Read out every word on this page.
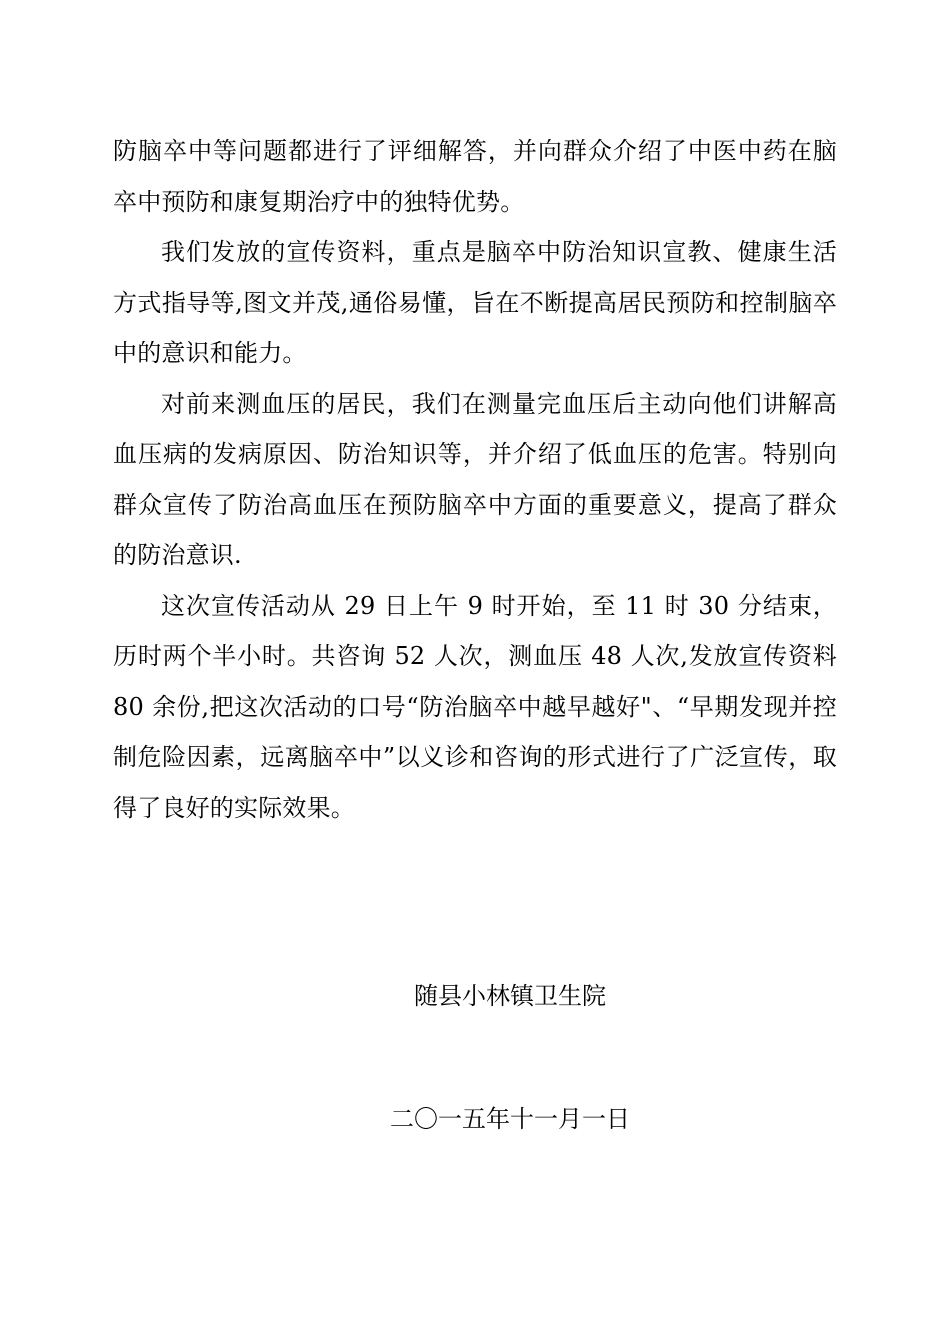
防脑卒中等问题都进行了评细解答，并向群众介绍了中医中药在脑卒中预防和康复期治疗中的独特优势。

我们发放的宣传资料，重点是脑卒中防治知识宣教、健康生活方式指导等,图文并茂,通俗易懂，旨在不断提高居民预防和控制脑卒中的意识和能力。

对前来测血压的居民，我们在测量完血压后主动向他们讲解高血压病的发病原因、防治知识等，并介绍了低血压的危害。特别向群众宣传了防治高血压在预防脑卒中方面的重要意义，提高了群众的防治意识.

这次宣传活动从 29 日上午 9 时开始，至 11 时 30 分结束，历时两个半小时。共咨询 52 人次，测血压 48 人次,发放宣传资料 80 余份,把这次活动的口号“防治脑卒中越早越好"、“早期发现并控制危险因素，远离脑卒中”以义诊和咨询的形式进行了广泛宣传，取得了良好的实际效果。

随县小林镇卫生院
二〇一五年十一月一日
